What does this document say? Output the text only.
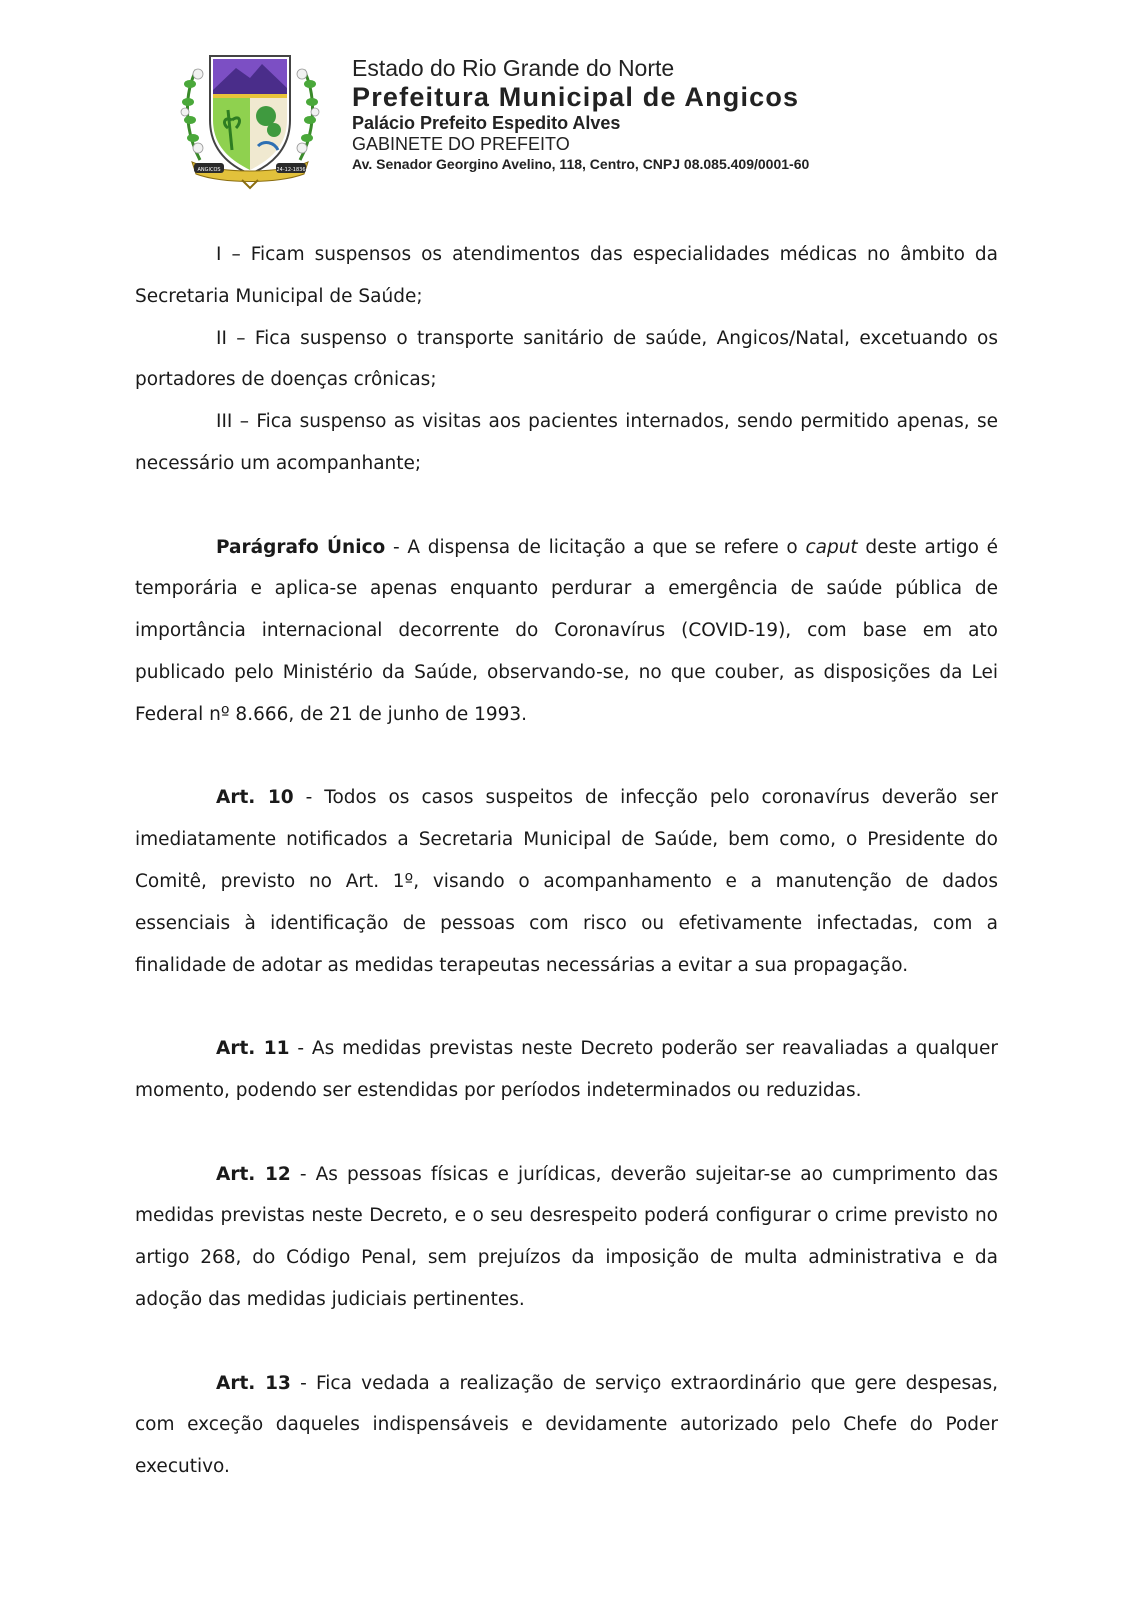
ANGICOS	24-12-1836

Estado do Rio Grande do Norte

Prefeitura Municipal de Angicos

Palácio Prefeito Espedito Alves

GABINETE DO PREFEITO

Av. Senador Georgino Avelino, 118, Centro, CNPJ 08.085.409/0001-60

I – Ficam suspensos os atendimentos das especialidades médicas no âmbito da Secretaria Municipal de Saúde;

II – Fica suspenso o transporte sanitário de saúde, Angicos/Natal, excetuando os portadores de doenças crônicas;

III – Fica suspenso as visitas aos pacientes internados, sendo permitido apenas, se necessário um acompanhante;

Parágrafo Único - A dispensa de licitação a que se refere o caput deste artigo é temporária e aplica-se apenas enquanto perdurar a emergência de saúde pública de importância internacional decorrente do Coronavírus (COVID-19), com base em ato publicado pelo Ministério da Saúde, observando-se, no que couber, as disposições da Lei Federal nº 8.666, de 21 de junho de 1993.

Art. 10 - Todos os casos suspeitos de infecção pelo coronavírus deverão ser imediatamente notificados a Secretaria Municipal de Saúde, bem como, o Presidente do Comitê, previsto no Art. 1º, visando o acompanhamento e a manutenção de dados essenciais à identificação de pessoas com risco ou efetivamente infectadas, com a finalidade de adotar as medidas terapeutas necessárias a evitar a sua propagação.

Art. 11 - As medidas previstas neste Decreto poderão ser reavaliadas a qualquer momento, podendo ser estendidas por períodos indeterminados ou reduzidas.

Art. 12 - As pessoas físicas e jurídicas, deverão sujeitar-se ao cumprimento das medidas previstas neste Decreto, e o seu desrespeito poderá configurar o crime previsto no artigo 268, do Código Penal, sem prejuízos da imposição de multa administrativa e da adoção das medidas judiciais pertinentes.

Art. 13 - Fica vedada a realização de serviço extraordinário que gere despesas, com exceção daqueles indispensáveis e devidamente autorizado pelo Chefe do Poder executivo.
